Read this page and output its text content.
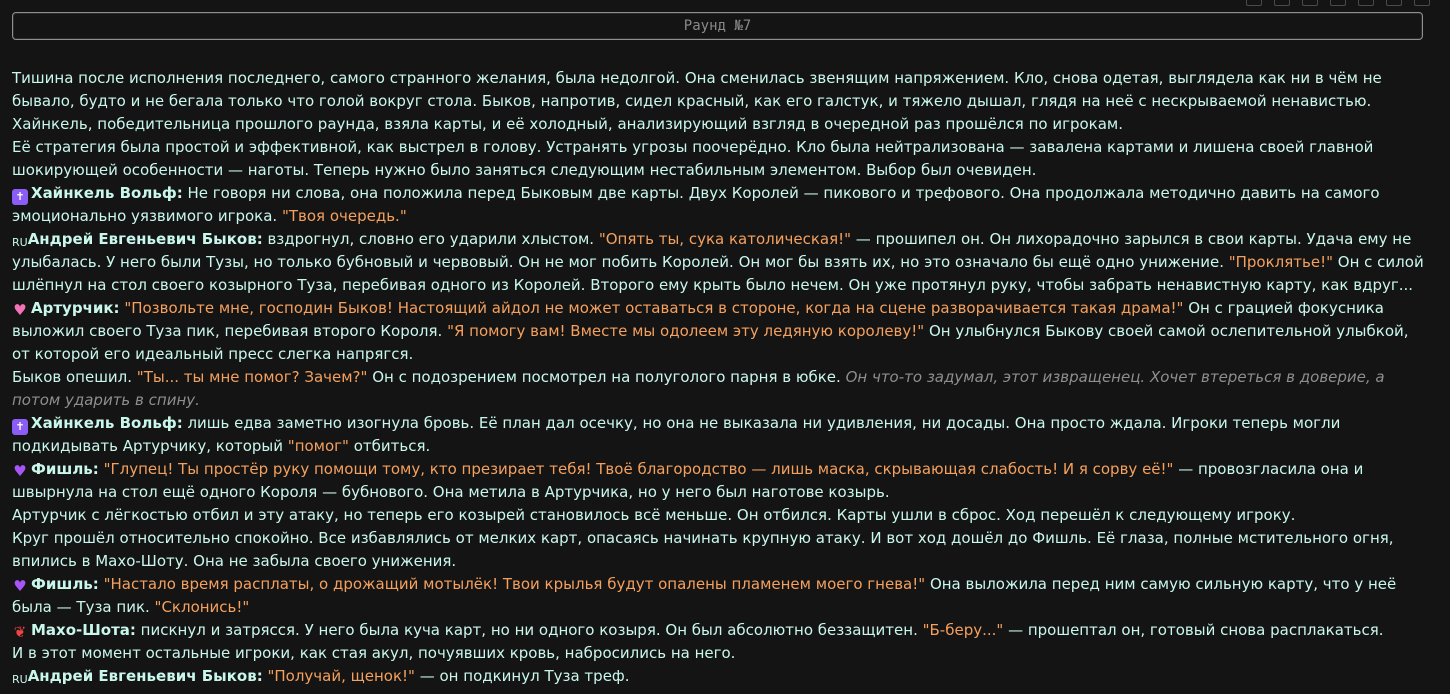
Раунд №7

Тишина после исполнения последнего, самого странного желания, была недолгой. Она сменилась звенящим напряжением. Кло, снова одетая, выглядела как ни в чём не бывало, будто и не бегала только что голой вокруг стола. Быков, напротив, сидел красный, как его галстук, и тяжело дышал, глядя на неё с нескрываемой ненавистью. Хайнкель, победительница прошлого раунда, взяла карты, и её холодный, анализирующий взгляд в очередной раз прошёлся по игрокам.

Её стратегия была простой и эффективной, как выстрел в голову. Устранять угрозы поочерёдно. Кло была нейтрализована — завалена картами и лишена своей главной шокирующей особенности — наготы. Теперь нужно было заняться следующим нестабильным элементом. Выбор был очевиден.

✝Хайнкель Вольф: Не говоря ни слова, она положила перед Быковым две карты. Двух Королей — пикового и трефового. Она продолжала методично давить на самого эмоционально уязвимого игрока. "Твоя очередь."

RUАндрей Евгеньевич Быков: вздрогнул, словно его ударили хлыстом. "Опять ты, сука католическая!" — прошипел он. Он лихорадочно зарылся в свои карты. Удача ему не улыбалась. У него были Тузы, но только бубновый и червовый. Он не мог побить Королей. Он мог бы взять их, но это означало бы ещё одно унижение. "Проклятье!" Он с силой шлёпнул на стол своего козырного Туза, перебивая одного из Королей. Второго ему крыть было нечем. Он уже протянул руку, чтобы забрать ненавистную карту, как вдруг...

♥Артурчик: "Позвольте мне, господин Быков! Настоящий айдол не может оставаться в стороне, когда на сцене разворачивается такая драма!" Он с грацией фокусника выложил своего Туза пик, перебивая второго Короля. "Я помогу вам! Вместе мы одолеем эту ледяную королеву!" Он улыбнулся Быкову своей самой ослепительной улыбкой, от которой его идеальный пресс слегка напрягся.

Быков опешил. "Ты... ты мне помог? Зачем?" Он с подозрением посмотрел на полуголого парня в юбке. Он что-то задумал, этот извращенец. Хочет втереться в доверие, а потом ударить в спину.

✝Хайнкель Вольф: лишь едва заметно изогнула бровь. Её план дал осечку, но она не выказала ни удивления, ни досады. Она просто ждала. Игроки теперь могли подкидывать Артурчику, который "помог" отбиться.

♥Фишль: "Глупец! Ты простёр руку помощи тому, кто презирает тебя! Твоё благородство — лишь маска, скрывающая слабость! И я сорву её!" — провозгласила она и швырнула на стол ещё одного Короля — бубнового. Она метила в Артурчика, но у него был наготове козырь.

Артурчик с лёгкостью отбил и эту атаку, но теперь его козырей становилось всё меньше. Он отбился. Карты ушли в сброс. Ход перешёл к следующему игроку.

Круг прошёл относительно спокойно. Все избавлялись от мелких карт, опасаясь начинать крупную атаку. И вот ход дошёл до Фишль. Её глаза, полные мстительного огня, впились в Махо-Шоту. Она не забыла своего унижения.

♥Фишль: "Настало время расплаты, о дрожащий мотылёк! Твои крылья будут опалены пламенем моего гнева!" Она выложила перед ним самую сильную карту, что у неё была — Туза пик. "Склонись!"

❦Махо-Шота: пискнул и затрясся. У него была куча карт, но ни одного козыря. Он был абсолютно беззащитен. "Б-беру..." — прошептал он, готовый снова расплакаться.

И в этот момент остальные игроки, как стая акул, почуявших кровь, набросились на него.

RUАндрей Евгеньевич Быков: "Получай, щенок!" — он подкинул Туза треф.
